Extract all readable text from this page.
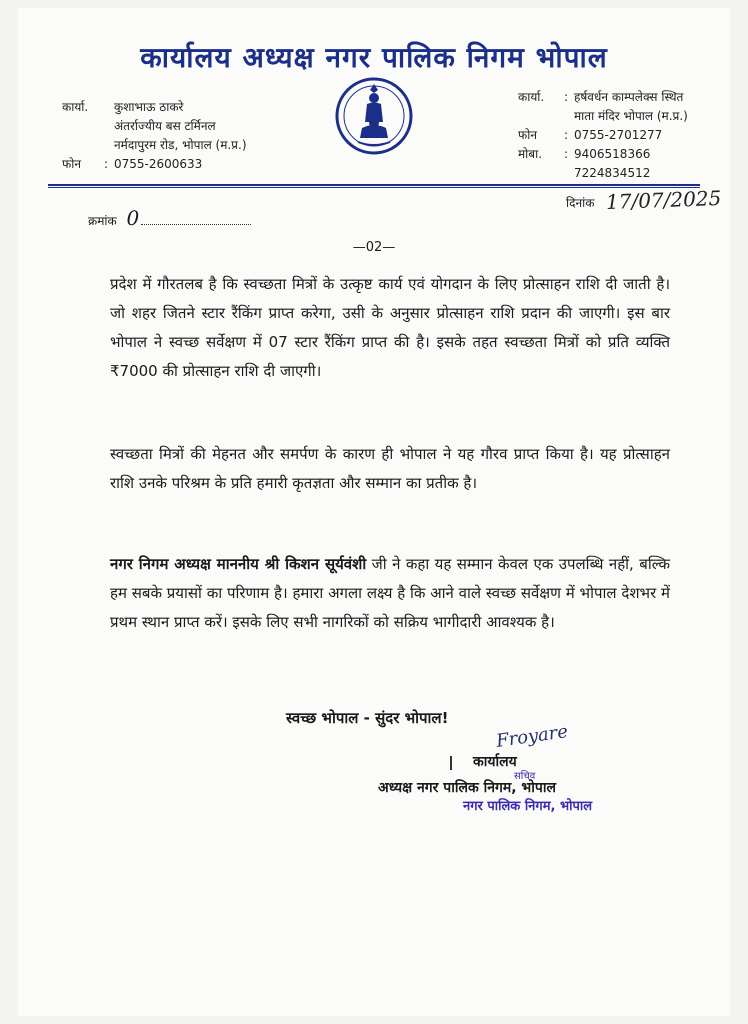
कार्यालय अध्यक्ष नगर पालिक निगम भोपाल
कार्या.	कुशाभाऊ ठाकरे
अंतर्राज्यीय बस टर्मिनल
नर्मदापुरम रोड, भोपाल (म.प्र.)
फोन	: 0755-2600633
कार्या.	: हर्षवर्धन काम्पलेक्स स्थित
माता मंदिर भोपाल (म.प्र.)
फोन	: 0755-2701277
मोबा.	: 9406518366
7224834512
क्रमांक 0
दिनांक 17/07/2025
—02—
प्रदेश में गौरतलब है कि स्वच्छता मित्रों के उत्कृष्ट कार्य एवं योगदान के लिए प्रोत्साहन राशि दी जाती है। जो शहर जितने स्टार रैंकिंग प्राप्त करेगा, उसी के अनुसार प्रोत्साहन राशि प्रदान की जाएगी। इस बार भोपाल ने स्वच्छ सर्वेक्षण में 07 स्टार रैंकिंग प्राप्त की है। इसके तहत स्वच्छता मित्रों को प्रति व्यक्ति ₹7000 की प्रोत्साहन राशि दी जाएगी।
स्वच्छता मित्रों की मेहनत और समर्पण के कारण ही भोपाल ने यह गौरव प्राप्त किया है। यह प्रोत्साहन राशि उनके परिश्रम के प्रति हमारी कृतज्ञता और सम्मान का प्रतीक है।
नगर निगम अध्यक्ष माननीय श्री किशन सूर्यवंशी जी ने कहा यह सम्मान केवल एक उपलब्धि नहीं, बल्कि हम सबके प्रयासों का परिणाम है। हमारा अगला लक्ष्य है कि आने वाले स्वच्छ सर्वेक्षण में भोपाल देशभर में प्रथम स्थान प्राप्त करें। इसके लिए सभी नागरिकों को सक्रिय भागीदारी आवश्यक है।
स्वच्छ भोपाल - सुंदर भोपाल!
Froyare
सचिव
कार्यालय
अध्यक्ष नगर पालिक निगम, भोपाल
नगर पालिक निगम, भोपाल
